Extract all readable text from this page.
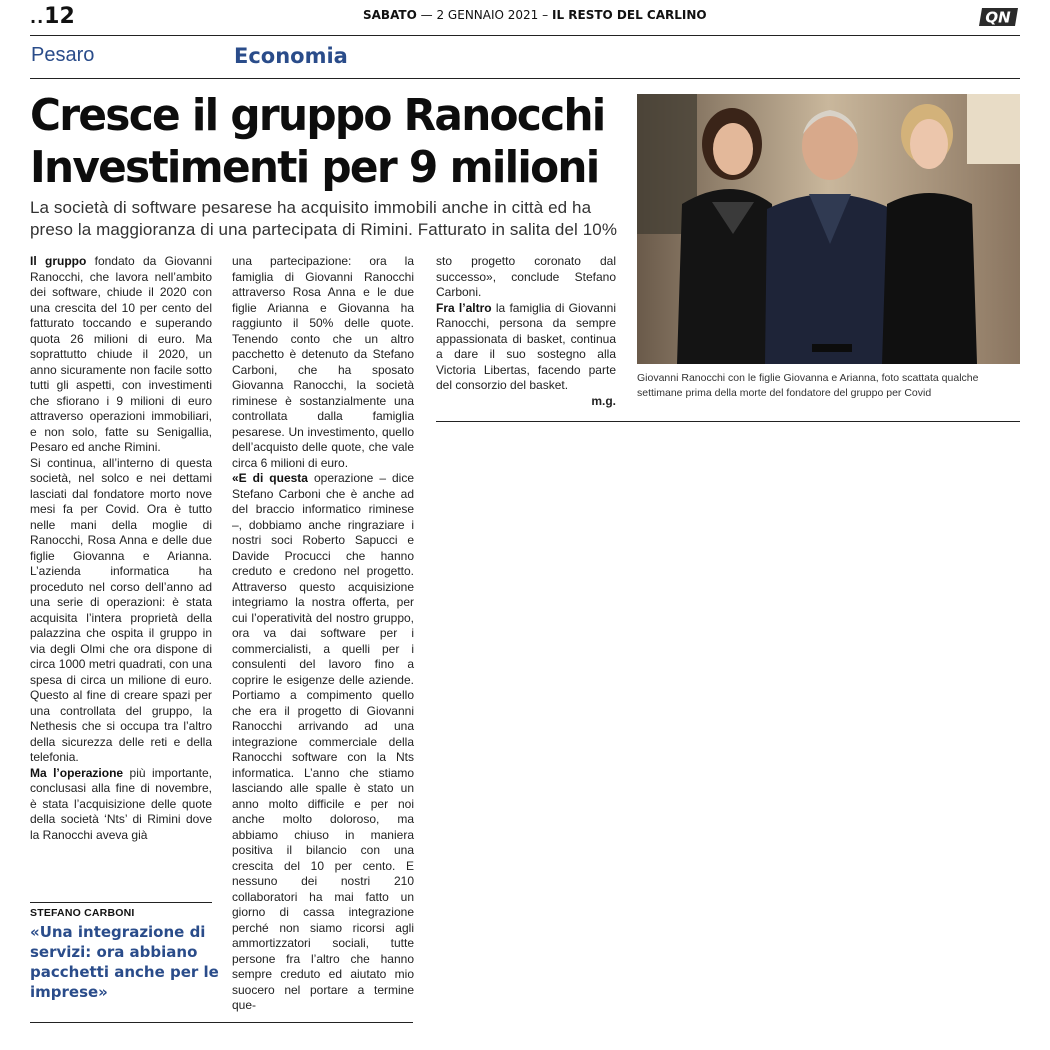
..12	SABATO — 2 GENNAIO 2021 – IL RESTO DEL CARLINO	QN
Pesaro	Economia
Cresce il gruppo Ranocchi
Investimenti per 9 milioni

La società di software pesarese ha acquisito immobili anche in città ed ha preso la maggioranza di una partecipata di Rimini. Fatturato in salita del 10%

Il gruppo fondato da Giovanni Ranocchi, che lavora nell’ambito dei software, chiude il 2020 con una crescita del 10 per cento del fatturato toccando e superando quota 26 milioni di euro. Ma soprattutto chiude il 2020, un anno sicuramente non facile sotto tutti gli aspetti, con investimenti che sfiorano i 9 milioni di euro attraverso operazioni immobiliari, e non solo, fatte su Senigallia, Pesaro ed anche Rimini.

Si continua, all’interno di questa società, nel solco e nei dettami lasciati dal fondatore morto nove mesi fa per Covid. Ora è tutto nelle mani della moglie di Ranocchi, Rosa Anna e delle due figlie Giovanna e Arianna. L’azienda informatica ha proceduto nel corso dell’anno ad una serie di operazioni: è stata acquisita l’intera proprietà della palazzina che ospita il gruppo in via degli Olmi che ora dispone di circa 1000 metri quadrati, con una spesa di circa un milione di euro. Questo al fine di creare spazi per una controllata del gruppo, la Nethesis che si occupa tra l’altro della sicurezza delle reti e della telefonia.

Ma l’operazione più importante, conclusasi alla fine di novembre, è stata l’acquisizione delle quote della società ‘Nts’ di Rimini dove la Ranocchi aveva già

STEFANO CARBONI

«Una integrazione di servizi: ora abbiano pacchetti anche per le imprese»

una partecipazione: ora la famiglia di Giovanni Ranocchi attraverso Rosa Anna e le due figlie Arianna e Giovanna ha raggiunto il 50% delle quote. Tenendo conto che un altro pacchetto è detenuto da Stefano Carboni, che ha sposato Giovanna Ranocchi, la società riminese è sostanzialmente una controllata dalla famiglia pesarese. Un investimento, quello dell’acquisto delle quote, che vale circa 6 milioni di euro.

«E di questa operazione – dice Stefano Carboni che è anche ad del braccio informatico riminese –, dobbiamo anche ringraziare i nostri soci Roberto Sapucci e Davide Procucci che hanno creduto e credono nel progetto. Attraverso questo acquisizione integriamo la nostra offerta, per cui l’operatività del nostro gruppo, ora va dai software per i commercialisti, a quelli per i consulenti del lavoro fino a coprire le esigenze delle aziende. Portiamo a compimento quello che era il progetto di Giovanni Ranocchi arrivando ad una integrazione commerciale della Ranocchi software con la Nts informatica. L’anno che stiamo lasciando alle spalle è stato un anno molto difficile e per noi anche molto doloroso, ma abbiamo chiuso in maniera positiva il bilancio con una crescita del 10 per cento. E nessuno dei nostri 210 collaboratori ha mai fatto un giorno di cassa integrazione perché non siamo ricorsi agli ammortizzatori sociali, tutte persone fra l’altro che hanno sempre creduto ed aiutato mio suocero nel portare a termine que-

sto progetto coronato dal successo», conclude Stefano Carboni.

Fra l’altro la famiglia di Giovanni Ranocchi, persona da sempre appassionata di basket, continua a dare il suo sostegno alla Victoria Libertas, facendo parte del consorzio del basket.

m.g.

Giovanni Ranocchi con le figlie Giovanna e Arianna, foto scattata qualche settimane prima della morte del fondatore del gruppo per Covid
